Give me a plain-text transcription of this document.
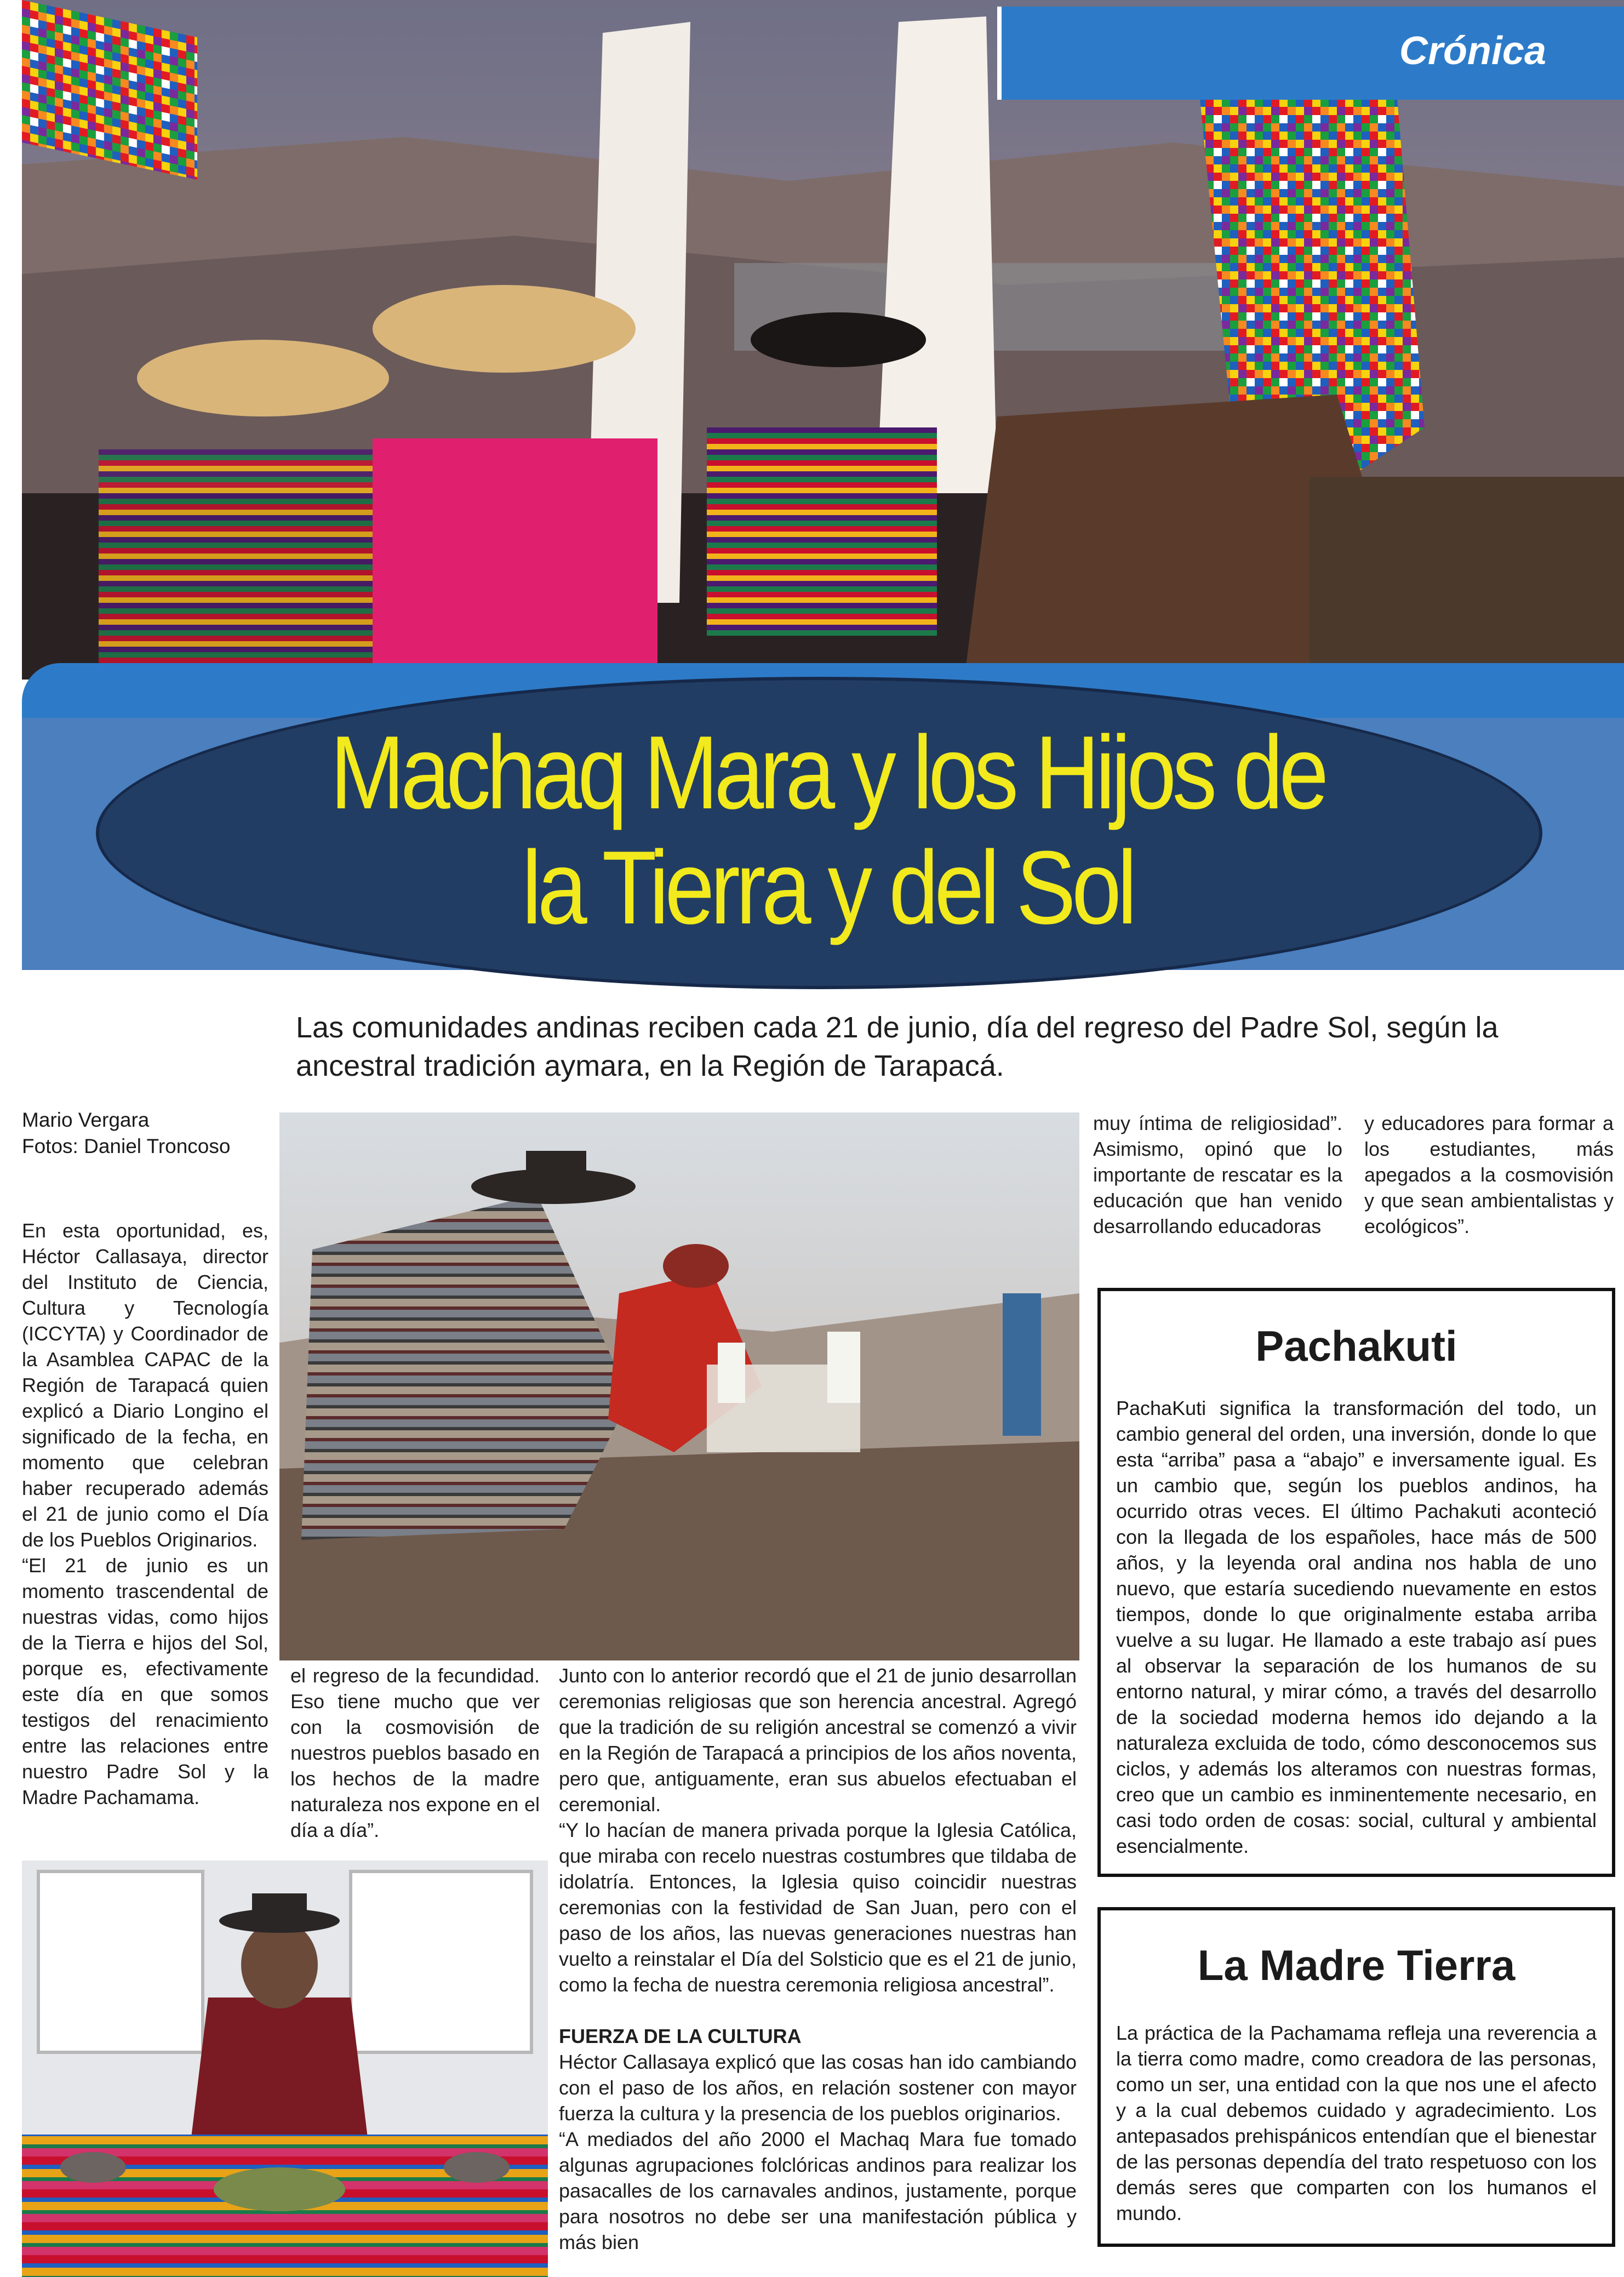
Crónica
Machaq Mara y los Hijos de
la Tierra y del Sol
Las comunidades andinas reciben cada 21 de junio, día del regreso del Padre Sol, según la ancestral tradición aymara, en la Región de Tarapacá.
Mario Vergara
Fotos: Daniel Troncoso

En esta oportunidad, es, Héctor Callasaya, director del Instituto de Ciencia, Cultura y Tecnología (ICCYTA) y Coordinador de la Asamblea CAPAC de la Región de Tarapacá quien explicó a Diario Longino el significado de la fecha, en momento que celebran haber recuperado además el 21 de junio como el Día de los Pueblos Originarios.

“El 21 de junio es un momento trascendental de nuestras vidas, como hijos de la Tierra e hijos del Sol, porque es, efectivamente este día en que somos testigos del renacimiento entre las relaciones entre nuestro Padre Sol y la Madre Pachamama.

el regreso de la fecundidad. Eso tiene mucho que ver con la cosmovisión de nuestros pueblos basado en los hechos de la madre naturaleza nos expone en el día a día”.

Junto con lo anterior recordó que el 21 de junio desarrollan ceremonias religiosas que son herencia ancestral. Agregó que la tradición de su religión ancestral se comenzó a vivir en la Región de Tarapacá a principios de los años noventa, pero que, antiguamente, eran sus abuelos efectuaban el ceremonial.

“Y lo hacían de manera privada porque la Iglesia Católica, que miraba con recelo nuestras costumbres que tildaba de idolatría. Entonces, la Iglesia quiso coincidir nuestras ceremonias con la festividad de San Juan, pero con el paso de los años, las nuevas generaciones nuestras han vuelto a reinstalar el Día del Solsticio que es el 21 de junio, como la fecha de nuestra ceremonia religiosa ancestral”.

FUERZA DE LA CULTURA

Héctor Callasaya explicó que las cosas han ido cambiando con el paso de los años, en relación sostener con mayor fuerza la cultura y la presencia de los pueblos originarios.

“A mediados del año 2000 el Machaq Mara fue tomado algunas agrupaciones folclóricas andinos para realizar los pasacalles de los carnavales andinos, justamente, porque para nosotros no debe ser una manifestación pública y más bien

muy íntima de religiosidad”. Asimismo, opinó que lo importante de rescatar es la educación que han venido desarrollando educadoras

y educadores para formar a los estudiantes, más apegados a la cosmovisión y que sean ambientalistas y ecológicos”.

Pachakuti
PachaKuti significa la transformación del todo, un cambio general del orden, una inversión, donde lo que esta “arriba” pasa a “abajo” e inversamente igual. Es un cambio que, según los pueblos andinos, ha ocurrido otras veces. El último Pachakuti aconteció con la llegada de los españoles, hace más de 500 años, y la leyenda oral andina nos habla de uno nuevo, que estaría sucediendo nuevamente en estos tiempos, donde lo que originalmente estaba arriba vuelve a su lugar. He llamado a este trabajo así pues al observar la separación de los humanos de su entorno natural, y mirar cómo, a través del desarrollo de la sociedad moderna hemos ido dejando a la naturaleza excluida de todo, cómo desconocemos sus ciclos, y además los alteramos con nuestras formas, creo que un cambio es inminentemente necesario, en casi todo orden de cosas: social, cultural y ambiental esencialmente.
La Madre Tierra
La práctica de la Pachamama refleja una reverencia a la tierra como madre, como creadora de las personas, como un ser, una entidad con la que nos une el afecto y a la cual debemos cuidado y agradecimiento. Los antepasados prehispánicos entendían que el bienestar de las personas dependía del trato respetuoso con los demás seres que comparten con los humanos el mundo.
